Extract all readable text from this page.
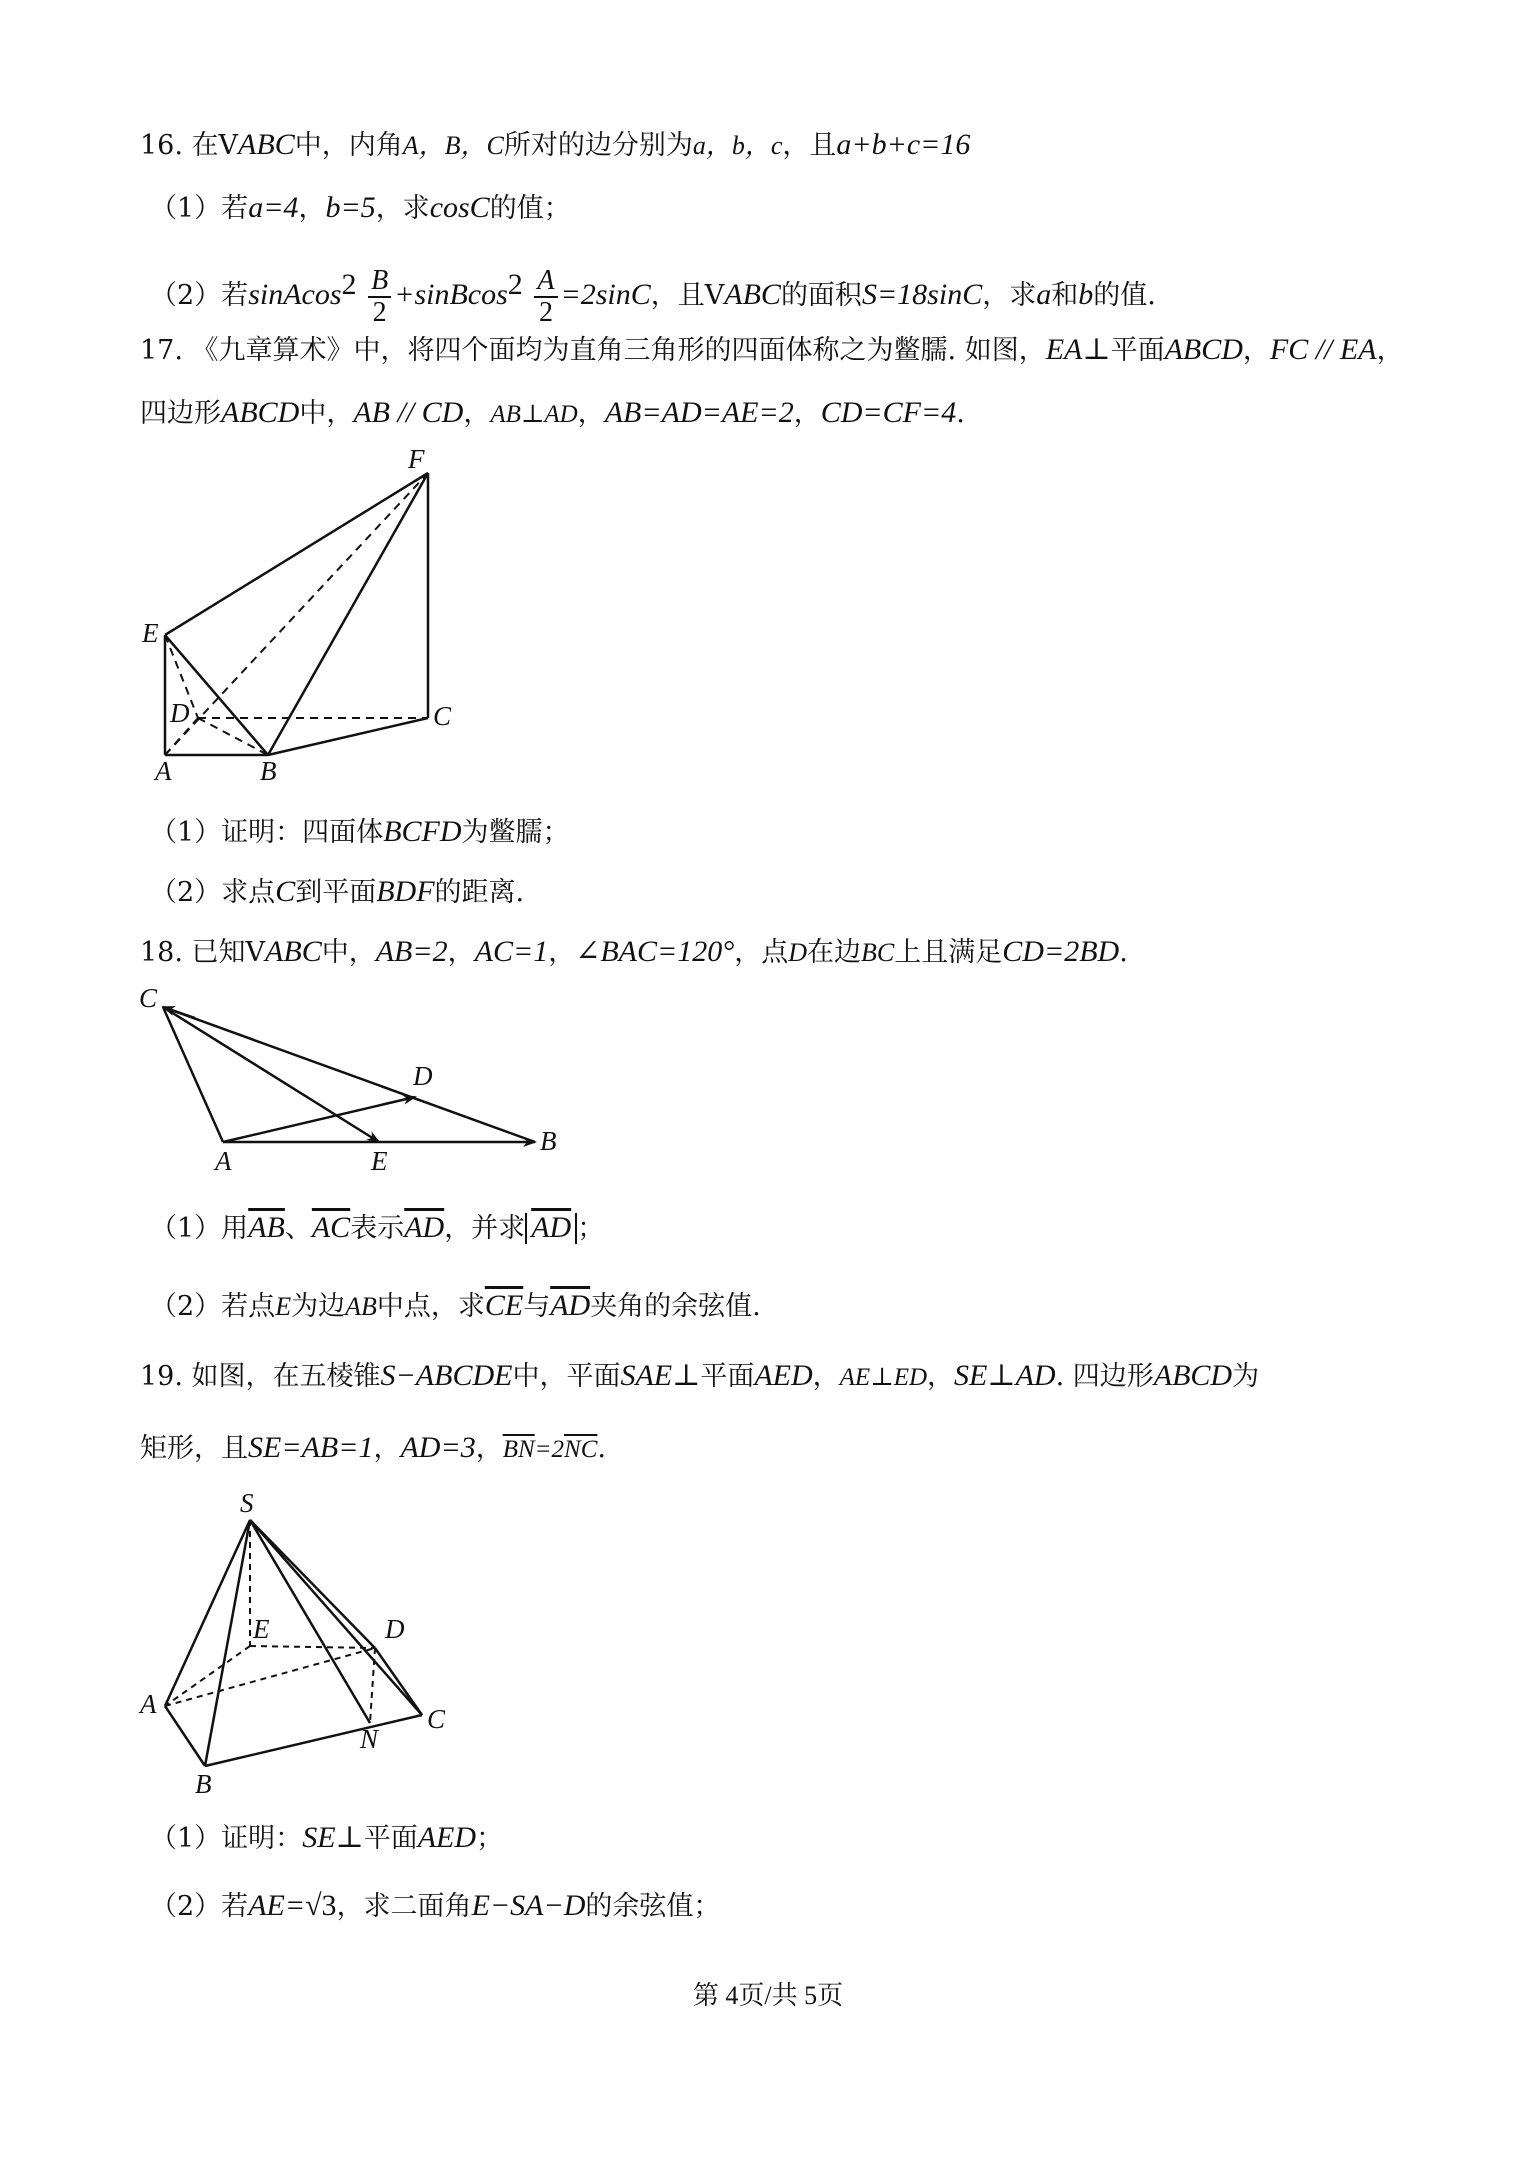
16. 在VABC中，内角A，B，C所对的边分别为a，b，c，且a+b+c=16
（1）若a=4，b=5，求cosC的值；
（2）若sinAcos$^2$ $\frac{B}{2}$ +sinBcos$^2$ $\frac{A}{2} =2\sin C$，且VABC的面积S=18sinC，求a和b的值.
17. 《九章算术》中，将四个面均为直角三角形的四面体称之为鳖臑. 如图，EA⊥平面ABCD，FC // EA，
四边形ABCD中，AB // CD，AB⊥AD，AB=AD=AE=2，CD=CF=4.
F
E
D	C
A	B
（1）证明：四面体BCFD为鳖臑；
（2）求点C到平面BDF的距离.
18. 已知VABC中，AB=2，AC=1，∠BAC=120°，点D在边BC上且满足CD=2BD.
C
D
A	E
B
（1）用$\overline{AB}$、$\overline{AC}$表示$\overline{AD}$，并求 $\overline{AD}$ ；
（2）若点E为边AB中点，求$\overline{CE}$与$\overline{AD}$夹角的余弦值.
19. 如图，在五棱锥S−ABCDE中，平面SAE⊥平面AED，AE⊥ED，SE⊥AD. 四边形ABCD为
矩形，且SE=AB=1，AD=3，$\overline{BN}=2\overline{NC}$.
S
E	D
A	C
N
B
（1）证明：SE⊥平面AED；
（2）若AE=√3，求二面角E−SA−D的余弦值；
第 4页/共 5页
